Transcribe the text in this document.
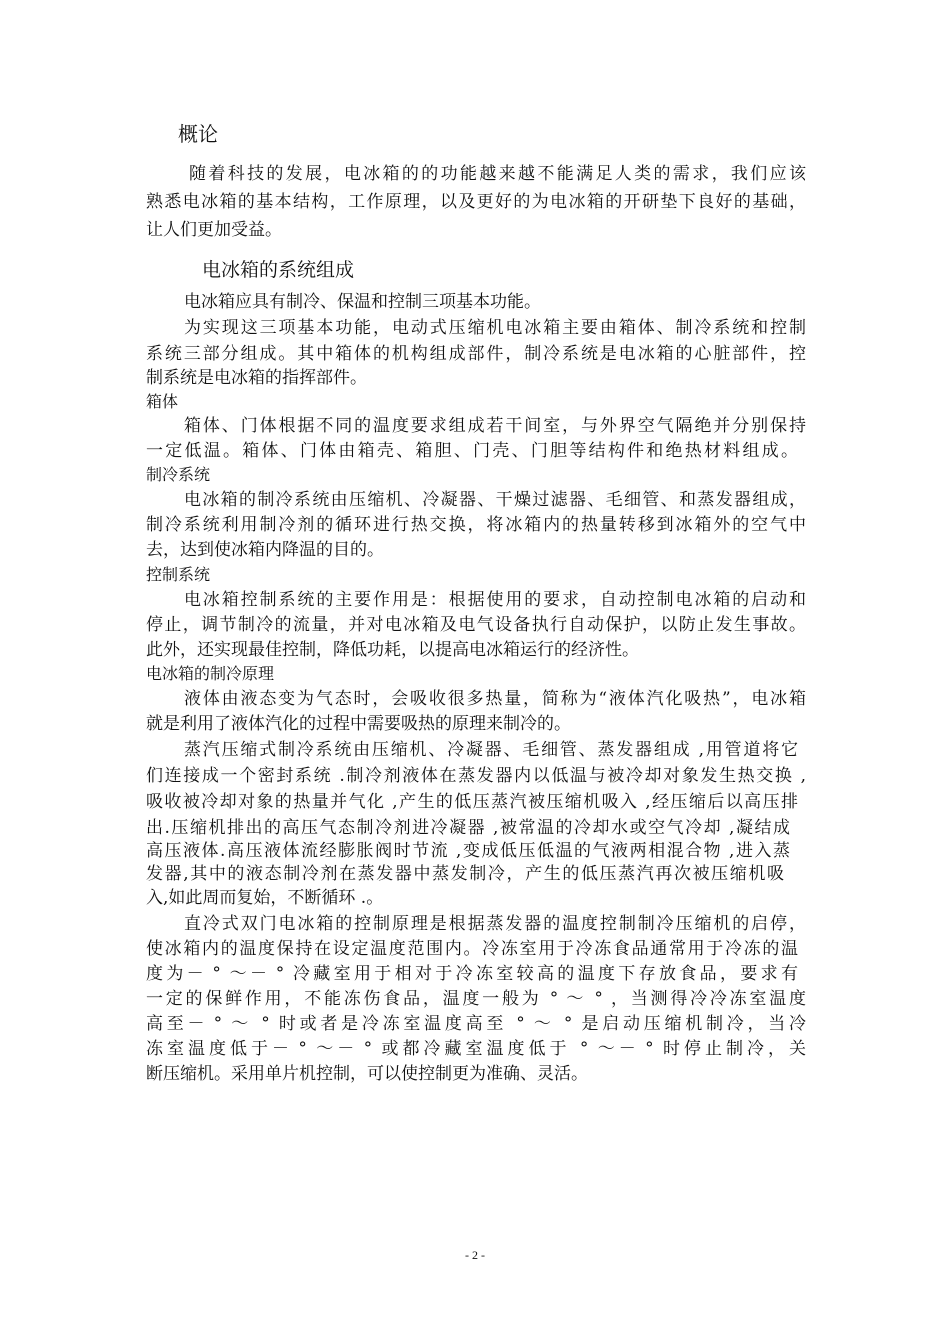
概论
随着科技的发展，电冰箱的的功能越来越不能满足人类的需求，我们应该
熟悉电冰箱的基本结构，工作原理，以及更好的为电冰箱的开研垫下良好的基础，
让人们更加受益。
电冰箱的系统组成
电冰箱应具有制冷、保温和控制三项基本功能。
为实现这三项基本功能，电动式压缩机电冰箱主要由箱体、制冷系统和控制
系统三部分组成。其中箱体的机构组成部件，制冷系统是电冰箱的心脏部件，控
制系统是电冰箱的指挥部件。
箱体
箱体、门体根据不同的温度要求组成若干间室，与外界空气隔绝并分别保持
一定低温。箱体、门体由箱壳、箱胆、门壳、门胆等结构件和绝热材料组成。
制冷系统
电冰箱的制冷系统由压缩机、冷凝器、干燥过滤器、毛细管、和蒸发器组成，
制冷系统利用制冷剂的循环进行热交换，将冰箱内的热量转移到冰箱外的空气中
去，达到使冰箱内降温的目的。
控制系统
电冰箱控制系统的主要作用是：根据使用的要求，自动控制电冰箱的启动和
停止，调节制冷的流量，并对电冰箱及电气设备执行自动保护，以防止发生事故。
此外，还实现最佳控制，降低功耗，以提高电冰箱运行的经济性。
电冰箱的制冷原理
液体由液态变为气态时，会吸收很多热量，简称为“液体汽化吸热”，电冰箱
就是利用了液体汽化的过程中需要吸热的原理来制冷的。
蒸汽压缩式制冷系统由压缩机、冷凝器、毛细管、蒸发器组成 ,用管道将它
们连接成一个密封系统 .制冷剂液体在蒸发器内以低温与被冷却对象发生热交换 ,
吸收被冷却对象的热量并气化 ,产生的低压蒸汽被压缩机吸入 ,经压缩后以高压排
出.压缩机排出的高压气态制冷剂进冷凝器 ,被常温的冷却水或空气冷却 ,凝结成
高压液体.高压液体流经膨胀阀时节流 ,变成低压低温的气液两相混合物 ,进入蒸
发器,其中的液态制冷剂在蒸发器中蒸发制冷，产生的低压蒸汽再次被压缩机吸
入,如此周而复始，不断循环 .。
直冷式双门电冰箱的控制原理是根据蒸发器的温度控制制冷压缩机的启停，
使冰箱内的温度保持在设定温度范围内。冷冻室用于冷冻食品通常用于冷冻的温
度为－ ° ～－ ° 冷藏室用于相对于冷冻室较高的温度下存放食品，要求有
一定的保鲜作用，不能冻伤食品，温度一般为 ° ～ ° ，当测得冷冷冻室温度
高至－ ° ～ ° 时或者是冷冻室温度高至 ° ～ ° 是启动压缩机制冷，当冷
冻室温度低于－ ° ～－ ° 或都冷藏室温度低于 ° ～－ ° 时停止制冷，关
断压缩机。采用单片机控制，可以使控制更为准确、灵活。
- 2 -
